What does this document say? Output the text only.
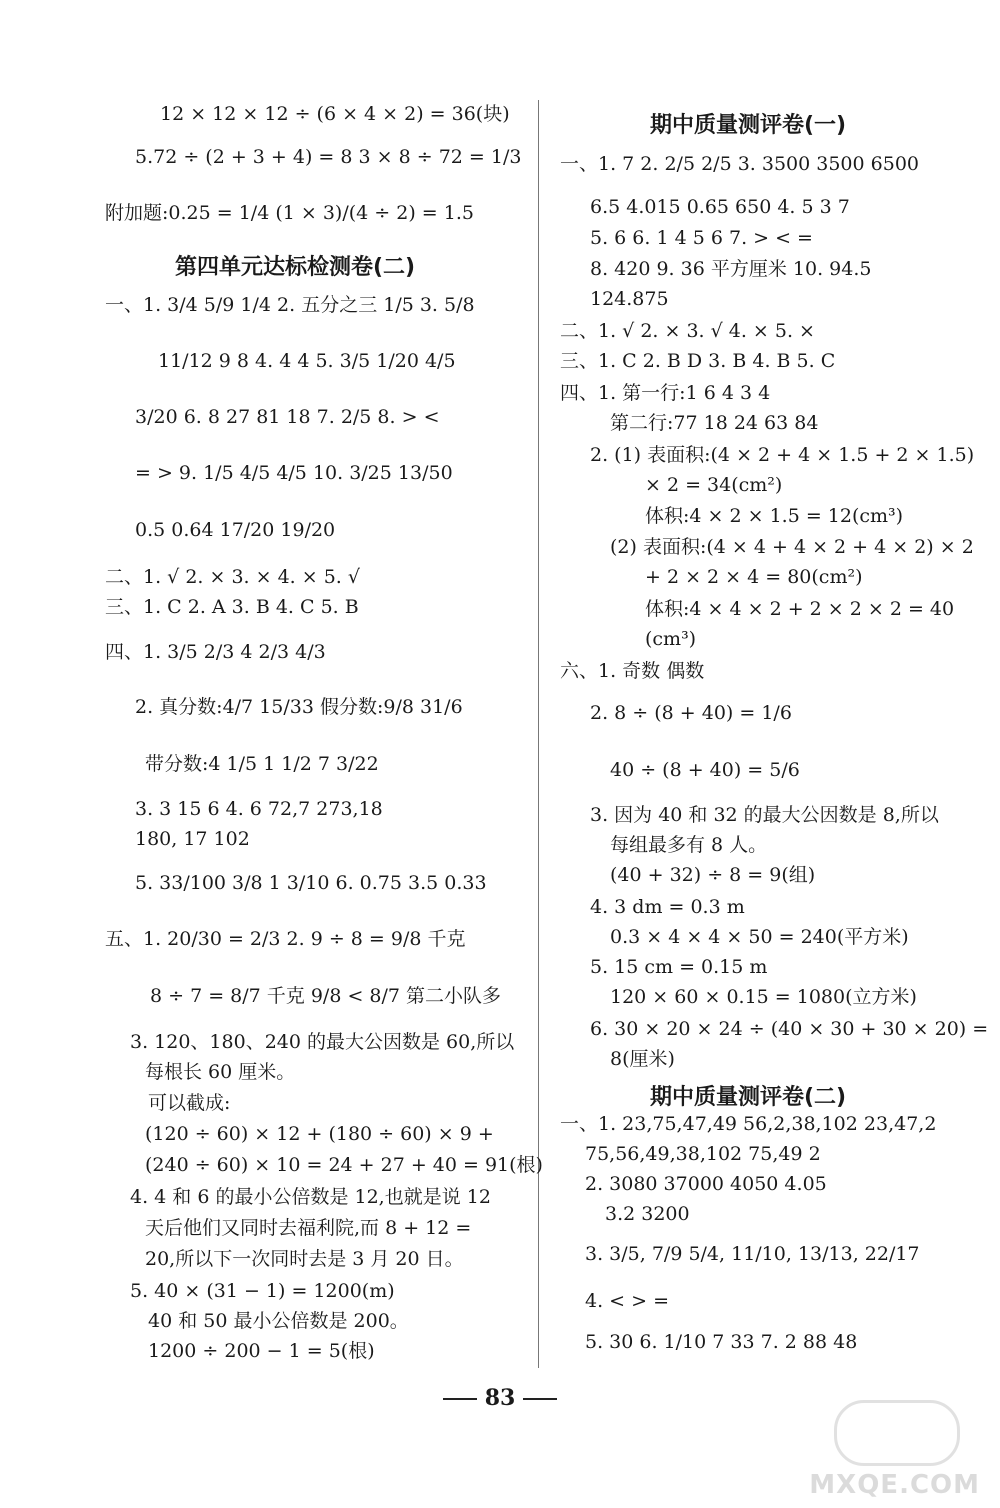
12 × 12 × 12 ÷ (6 × 4 × 2) = 36(块)
5.72 ÷ (2 + 3 + 4) = 8 3 × 8 ÷ 72 = 1/3
附加题:0.25 = 1/4 (1 × 3)/(4 ÷ 2) = 1.5
第四单元达标检测卷(二)
一、1. 3/4 5/9 1/4 2. 五分之三 1/5 3. 5/8
11/12 9 8 4. 4 4 5. 3/5 1/20 4/5
3/20 6. 8 27 81 18 7. 2/5 8. > <
= > 9. 1/5 4/5 4/5 10. 3/25 13/50
0.5 0.64 17/20 19/20
二、1. √ 2. × 3. × 4. × 5. √
三、1. C 2. A 3. B 4. C 5. B
四、1. 3/5 2/3 4 2/3 4/3
2. 真分数:4/7 15/33 假分数:9/8 31/6
带分数:4 1/5 1 1/2 7 3/22
3. 3 15 6 4. 6 72,7 273,18
180, 17 102
5. 33/100 3/8 1 3/10 6. 0.75 3.5 0.33
五、1. 20/30 = 2/3 2. 9 ÷ 8 = 9/8 千克
8 ÷ 7 = 8/7 千克 9/8 < 8/7 第二小队多
3. 120、180、240 的最大公因数是 60,所以
每根长 60 厘米。
可以截成:
(120 ÷ 60) × 12 + (180 ÷ 60) × 9 +
(240 ÷ 60) × 10 = 24 + 27 + 40 = 91(根)
4. 4 和 6 的最小公倍数是 12,也就是说 12
天后他们又同时去福利院,而 8 + 12 =
20,所以下一次同时去是 3 月 20 日。
5. 40 × (31 − 1) = 1200(m)
40 和 50 最小公倍数是 200。
1200 ÷ 200 − 1 = 5(根)
期中质量测评卷(一)
一、1. 7 2. 2/5 2/5 3. 3500 3500 6500
6.5 4.015 0.65 650 4. 5 3 7
5. 6 6. 1 4 5 6 7. > < =
8. 420 9. 36 平方厘米 10. 94.5
124.875
二、1. √ 2. × 3. √ 4. × 5. ×
三、1. C 2. B D 3. B 4. B 5. C
四、1. 第一行:1 6 4 3 4
第二行:77 18 24 63 84
2. (1) 表面积:(4 × 2 + 4 × 1.5 + 2 × 1.5)
× 2 = 34(cm²)
体积:4 × 2 × 1.5 = 12(cm³)
(2) 表面积:(4 × 4 + 4 × 2 + 4 × 2) × 2
+ 2 × 2 × 4 = 80(cm²)
体积:4 × 4 × 2 + 2 × 2 × 2 = 40
(cm³)
六、1. 奇数 偶数
2. 8 ÷ (8 + 40) = 1/6
40 ÷ (8 + 40) = 5/6
3. 因为 40 和 32 的最大公因数是 8,所以
每组最多有 8 人。
(40 + 32) ÷ 8 = 9(组)
4. 3 dm = 0.3 m
0.3 × 4 × 4 × 50 = 240(平方米)
5. 15 cm = 0.15 m
120 × 60 × 0.15 = 1080(立方米)
6. 30 × 20 × 24 ÷ (40 × 30 + 30 × 20) =
8(厘米)
期中质量测评卷(二)
一、1. 23,75,47,49 56,2,38,102 23,47,2
75,56,49,38,102 75,49 2
2. 3080 37000 4050 4.05
3.2 3200
3. 3/5, 7/9 5/4, 11/10, 13/13, 22/17
4. < > =
5. 30 6. 1/10 7 33 7. 2 88 48
83
MXQE.COM
